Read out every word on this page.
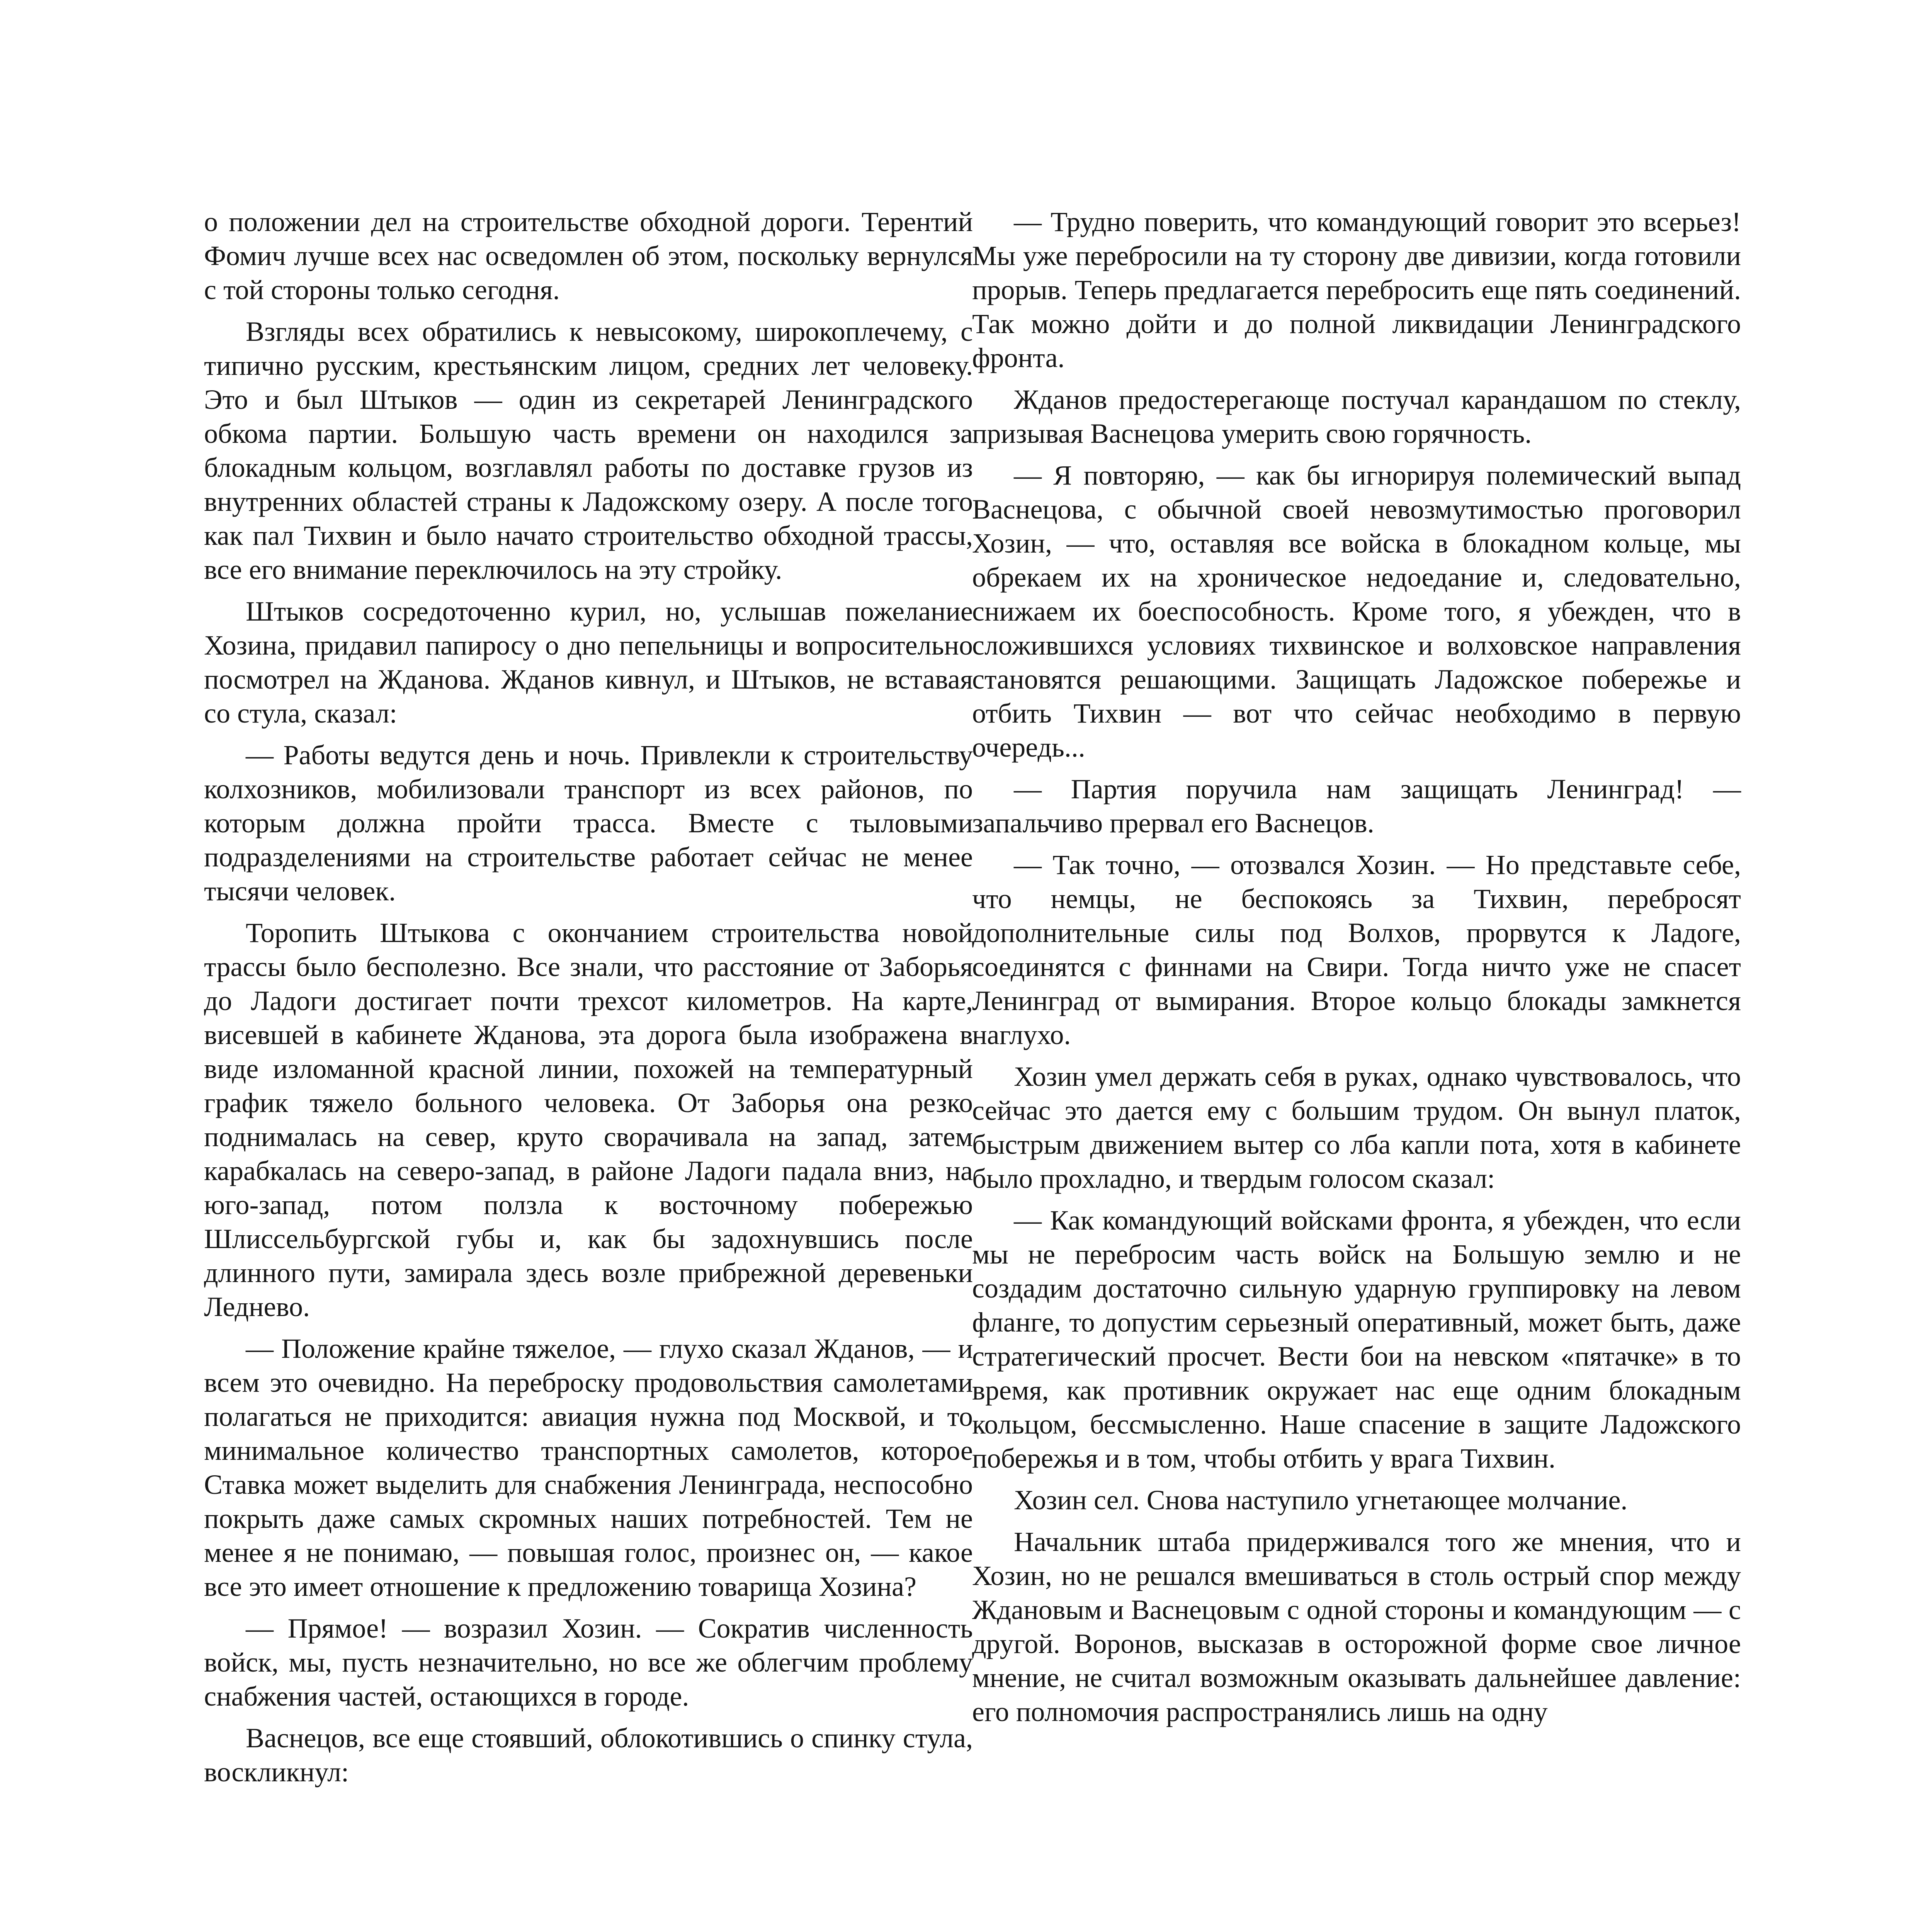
о положении дел на строительстве обходной дороги. Терентий Фомич лучше всех нас осведомлен об этом, поскольку вернулся с той стороны только сегодня.

Взгляды всех обратились к невысокому, широкоплечему, с типично русским, крестьянским лицом, средних лет человеку. Это и был Штыков — один из секретарей Ленинградского обкома партии. Большую часть времени он находился за блокадным кольцом, возглавлял работы по доставке грузов из внутренних областей страны к Ладожскому озеру. А после того как пал Тихвин и было начато строительство обходной трассы, все его внимание переключилось на эту стройку.

Штыков сосредоточенно курил, но, услышав пожелание Хозина, придавил папиросу о дно пепельницы и вопросительно посмотрел на Жданова. Жданов кивнул, и Штыков, не вставая со стула, сказал:

— Работы ведутся день и ночь. Привлекли к строительству колхозников, мобилизовали транспорт из всех районов, по которым должна пройти трасса. Вместе с тыловыми подразделениями на строительстве работает сейчас не менее тысячи человек.

Торопить Штыкова с окончанием строительства новой трассы было бесполезно. Все знали, что расстояние от Заборья до Ладоги достигает почти трехсот километров. На карте, висевшей в кабинете Жданова, эта дорога была изображена в виде изломанной красной линии, похожей на температурный график тяжело больного человека. От Заборья она резко поднималась на север, круто сворачивала на запад, затем карабкалась на северо-запад, в районе Ладоги падала вниз, на юго-запад, потом ползла к восточному побережью Шлиссельбургской губы и, как бы задохнувшись после длинного пути, замирала здесь возле прибрежной деревеньки Леднево.

— Положение крайне тяжелое, — глухо сказал Жданов, — и всем это очевидно. На переброску продовольствия самолетами полагаться не приходится: авиация нужна под Москвой, и то минимальное количество транспортных самолетов, которое Ставка может выделить для снабжения Ленинграда, неспособно покрыть даже самых скромных наших потребностей. Тем не менее я не понимаю, — повышая голос, произнес он, — какое все это имеет отношение к предложению товарища Хозина?

— Прямое! — возразил Хозин. — Сократив численность войск, мы, пусть незначительно, но все же облегчим проблему снабжения частей, остающихся в городе.

Васнецов, все еще стоявший, облокотившись о спинку стула, воскликнул:

— Трудно поверить, что командующий говорит это всерьез! Мы уже перебросили на ту сторону две дивизии, когда готовили прорыв. Теперь предлагается перебросить еще пять соединений. Так можно дойти и до полной ликвидации Ленинградского фронта.

Жданов предостерегающе постучал карандашом по стеклу, призывая Васнецова умерить свою горячность.

— Я повторяю, — как бы игнорируя полемический выпад Васнецова, с обычной своей невозмутимостью проговорил Хозин, — что, оставляя все войска в блокадном кольце, мы обрекаем их на хроническое недоедание и, следовательно, снижаем их боеспособность. Кроме того, я убежден, что в сложившихся условиях тихвинское и волховское направления становятся решающими. Защищать Ладожское побережье и отбить Тихвин — вот что сейчас необходимо в первую очередь...

— Партия поручила нам защищать Ленинград! — запальчиво прервал его Васнецов.

— Так точно, — отозвался Хозин. — Но представьте себе, что немцы, не беспокоясь за Тихвин, перебросят дополнительные силы под Волхов, прорвутся к Ладоге, соединятся с финнами на Свири. Тогда ничто уже не спасет Ленинград от вымирания. Второе кольцо блокады замкнется наглухо.

Хозин умел держать себя в руках, однако чувствовалось, что сейчас это дается ему с большим трудом. Он вынул платок, быстрым движением вытер со лба капли пота, хотя в кабинете было прохладно, и твердым голосом сказал:

— Как командующий войсками фронта, я убежден, что если мы не перебросим часть войск на Большую землю и не создадим достаточно сильную ударную группировку на левом фланге, то допустим серьезный оперативный, может быть, даже стратегический просчет. Вести бои на невском «пятачке» в то время, как противник окружает нас еще одним блокадным кольцом, бессмысленно. Наше спасение в защите Ладожского побережья и в том, чтобы отбить у врага Тихвин.

Хозин сел. Снова наступило угнетающее молчание.

Начальник штаба придерживался того же мнения, что и Хозин, но не решался вмешиваться в столь острый спор между Ждановым и Васнецовым с одной стороны и командующим — с другой. Воронов, высказав в осторожной форме свое личное мнение, не считал возможным оказывать дальнейшее давление: его полномочия распространялись лишь на одну
